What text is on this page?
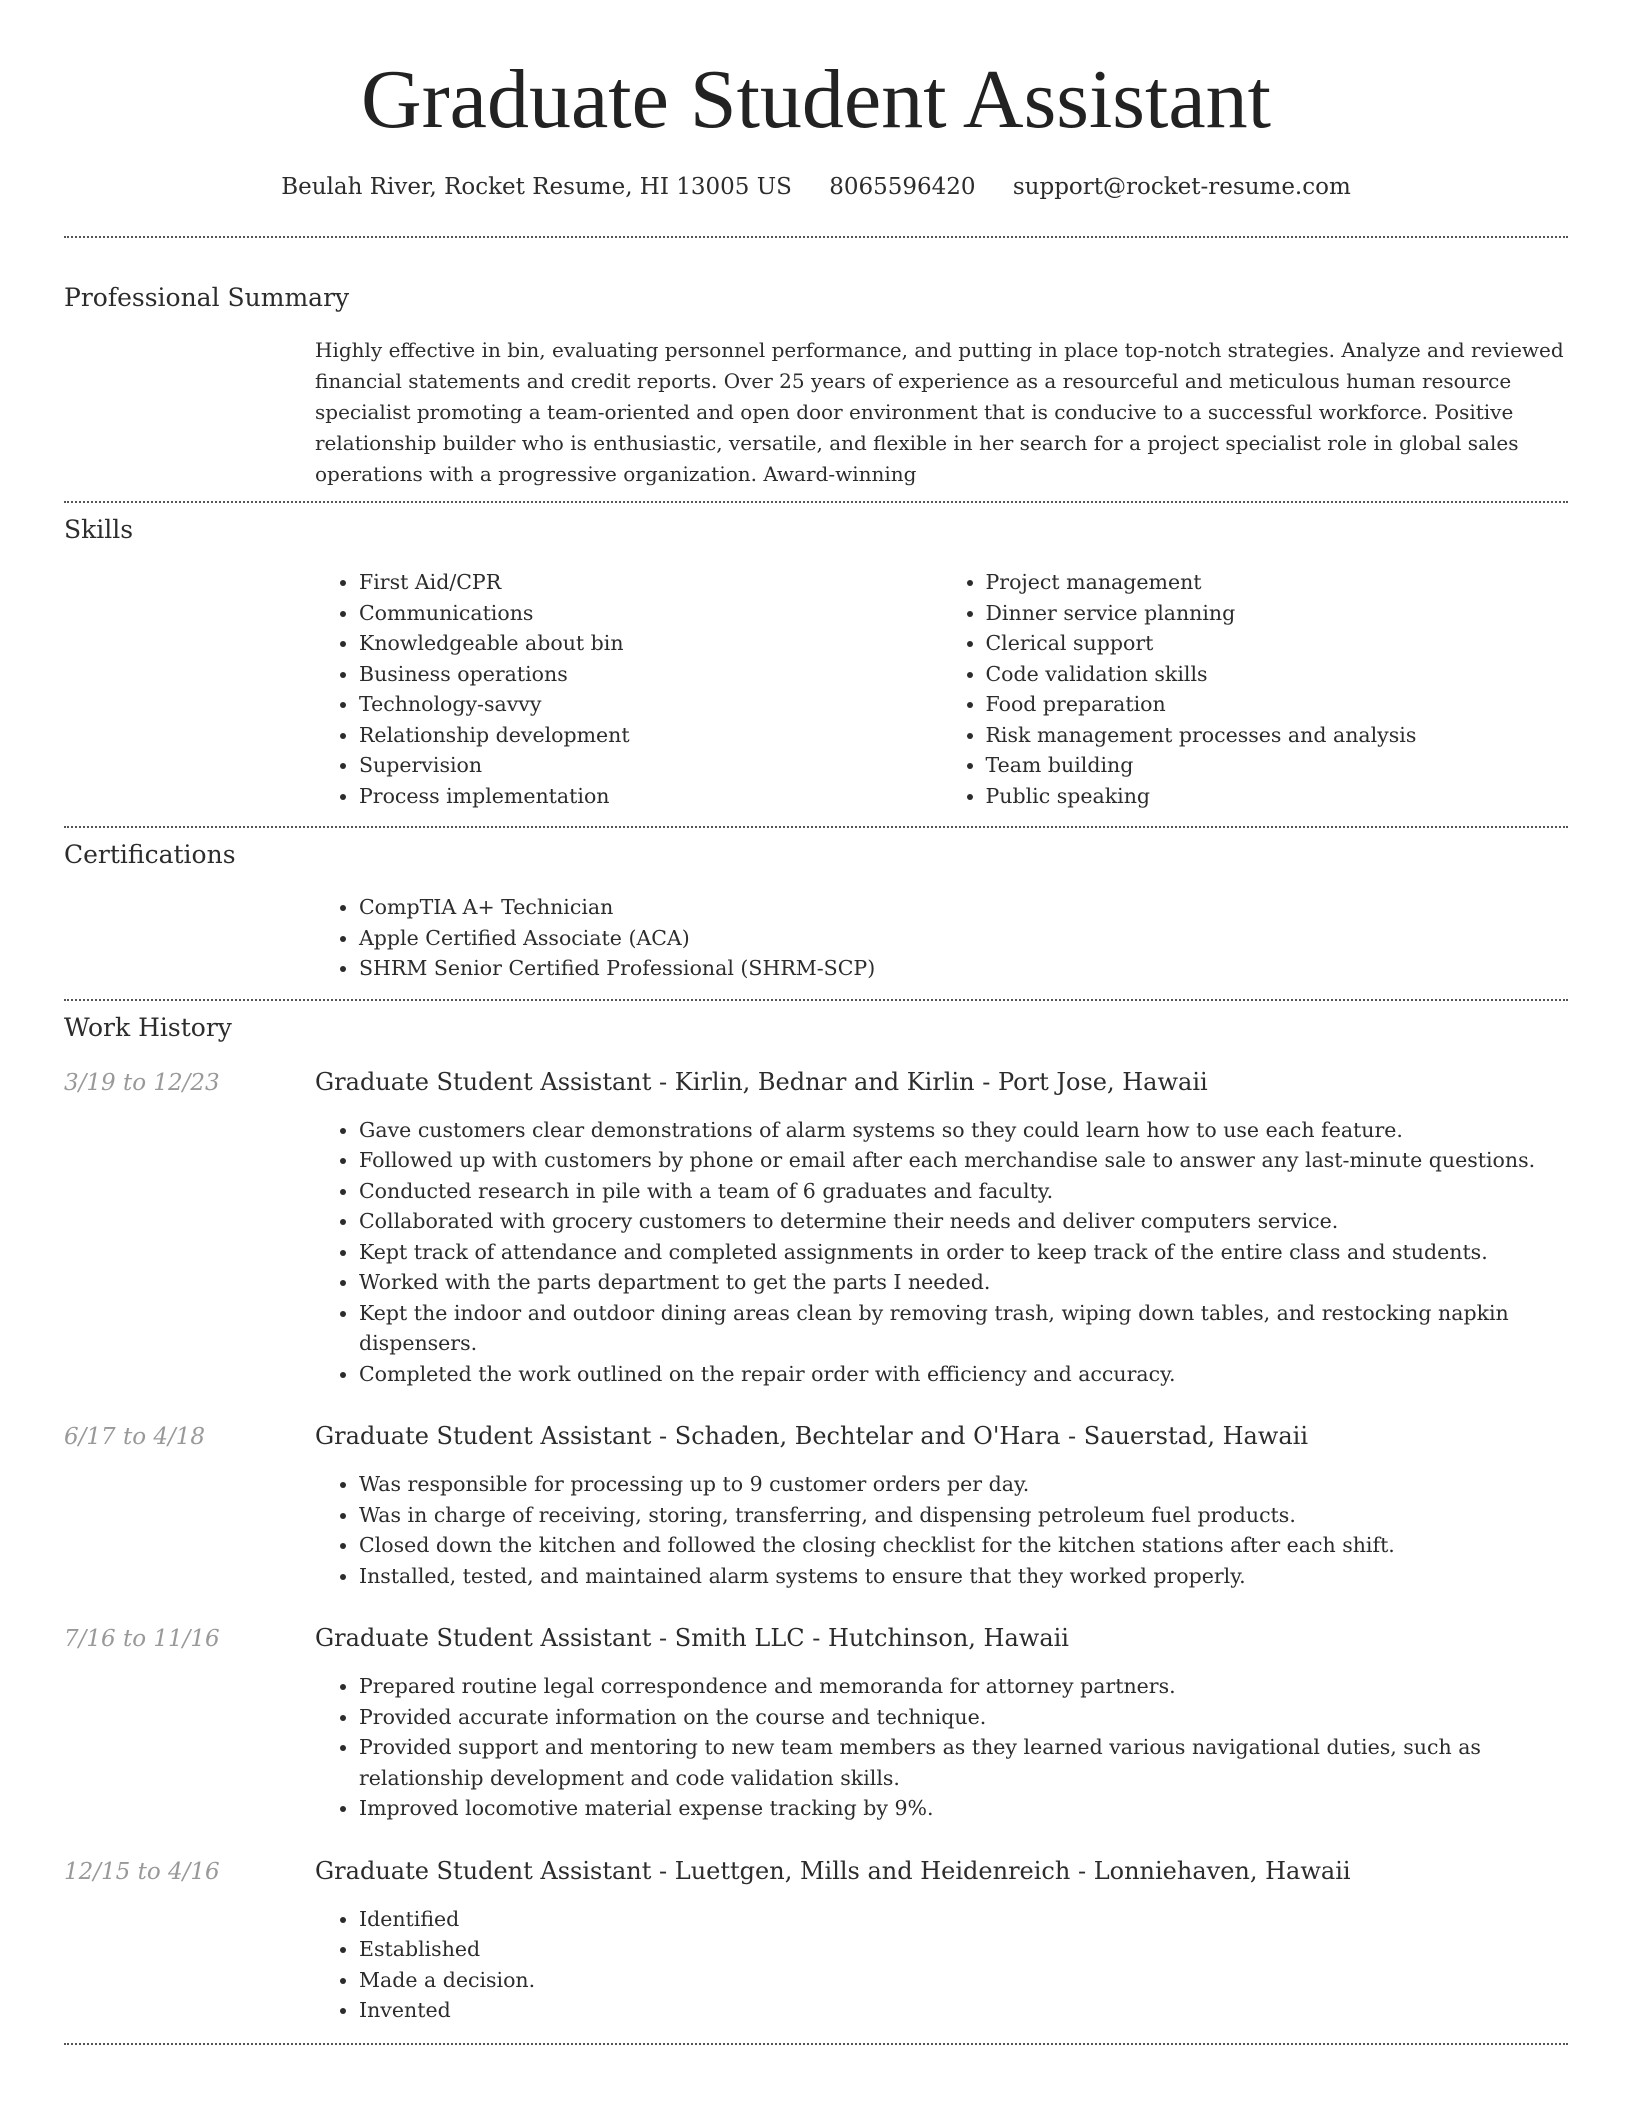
Graduate Student Assistant
Beulah River, Rocket Resume, HI 13005 US 8065596420 support@rocket-resume.com
Professional Summary
Highly effective in bin, evaluating personnel performance, and putting in place top-notch strategies. Analyze and reviewed financial statements and credit reports. Over 25 years of experience as a resourceful and meticulous human resource specialist promoting a team-oriented and open door environment that is conducive to a successful workforce. Positive relationship builder who is enthusiastic, versatile, and flexible in her search for a project specialist role in global sales operations with a progressive organization. Award-winning
Skills
• First Aid/CPR
• Communications
• Knowledgeable about bin
• Business operations
• Technology-savvy
• Relationship development
• Supervision
• Process implementation
• Project management
• Dinner service planning
• Clerical support
• Code validation skills
• Food preparation
• Risk management processes and analysis
• Team building
• Public speaking
Certifications
• CompTIA A+ Technician
• Apple Certified Associate (ACA)
• SHRM Senior Certified Professional (SHRM-SCP)
Work History
3/19 to 12/23	Graduate Student Assistant - Kirlin, Bednar and Kirlin - Port Jose, Hawaii
• Gave customers clear demonstrations of alarm systems so they could learn how to use each feature.
• Followed up with customers by phone or email after each merchandise sale to answer any last-minute questions.
• Conducted research in pile with a team of 6 graduates and faculty.
• Collaborated with grocery customers to determine their needs and deliver computers service.
• Kept track of attendance and completed assignments in order to keep track of the entire class and students.
• Worked with the parts department to get the parts I needed.
• Kept the indoor and outdoor dining areas clean by removing trash, wiping down tables, and restocking napkin dispensers.
• Completed the work outlined on the repair order with efficiency and accuracy.
6/17 to 4/18	Graduate Student Assistant - Schaden, Bechtelar and O'Hara - Sauerstad, Hawaii
• Was responsible for processing up to 9 customer orders per day.
• Was in charge of receiving, storing, transferring, and dispensing petroleum fuel products.
• Closed down the kitchen and followed the closing checklist for the kitchen stations after each shift.
• Installed, tested, and maintained alarm systems to ensure that they worked properly.
7/16 to 11/16	Graduate Student Assistant - Smith LLC - Hutchinson, Hawaii
• Prepared routine legal correspondence and memoranda for attorney partners.
• Provided accurate information on the course and technique.
• Provided support and mentoring to new team members as they learned various navigational duties, such as relationship development and code validation skills.
• Improved locomotive material expense tracking by 9%.
12/15 to 4/16	Graduate Student Assistant - Luettgen, Mills and Heidenreich - Lonniehaven, Hawaii
• Identified
• Established
• Made a decision.
• Invented
